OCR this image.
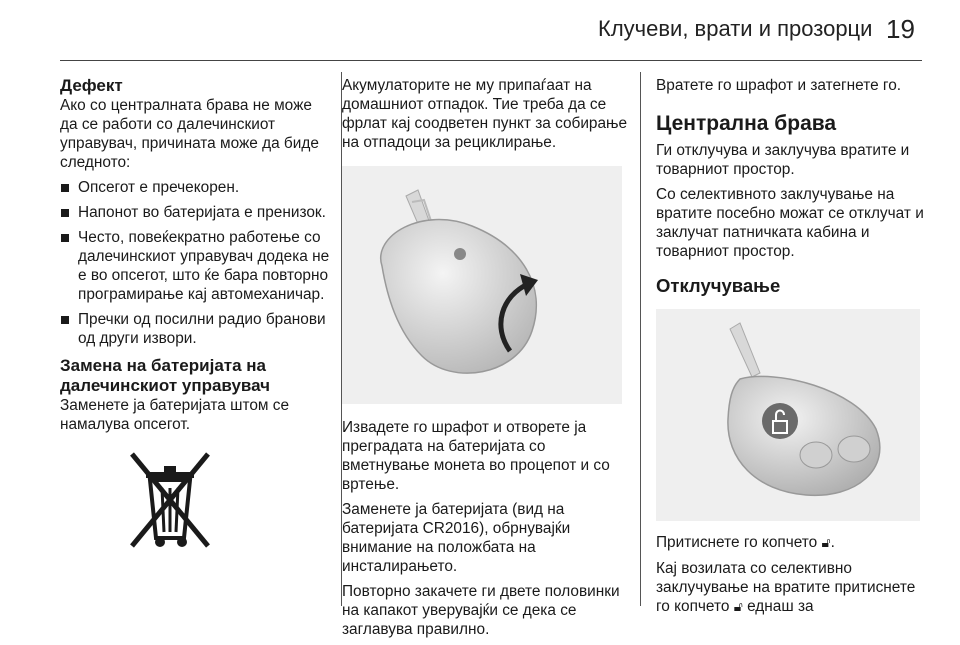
Клучеви, врати и прозорци 19
Дефект

Ако со централната брава не може да се работи со далечинскиот управувач, причината може да биде следното:

Опсегот е пречекорен.
Напонот во батеријата е пренизок.
Често, повеќекратно работење со далечинскиот управувач додека не е во опсегот, што ќе бара повторно програмирање кај автомеханичар.
Пречки од посилни радио бранови од други извори.
Замена на батеријата на далечинскиот управувач

Заменете ја батеријата штом се намалува опсегот.

Акумулаторите не му припаѓаат на домашниот отпадок. Тие треба да се фрлат кај соодветен пункт за собирање на отпадоци за рециклирање.

Извадете го шрафот и отворете ја преградата на батеријата со вметнување монета во процепот и со вртење.

Заменете ја батеријата (вид на батеријата CR2016), обрнувајќи внимание на положбата на инсталирањето.

Повторно закачете ги двете половинки на капакот уверувајќи се дека се заглавува правилно.

Вратете го шрафот и затегнете го.

Централна брава

Ги отклучува и заклучува вратите и товарниот простор.

Со селективното заклучување на вратите посебно можат се отклучат и заклучат патничката кабина и товарниот простор.

Отклучување

Притиснете го копчето 🔓︎.

Кај возилата со селективно заклучување на вратите притиснете го копчето 🔓︎ еднаш за
